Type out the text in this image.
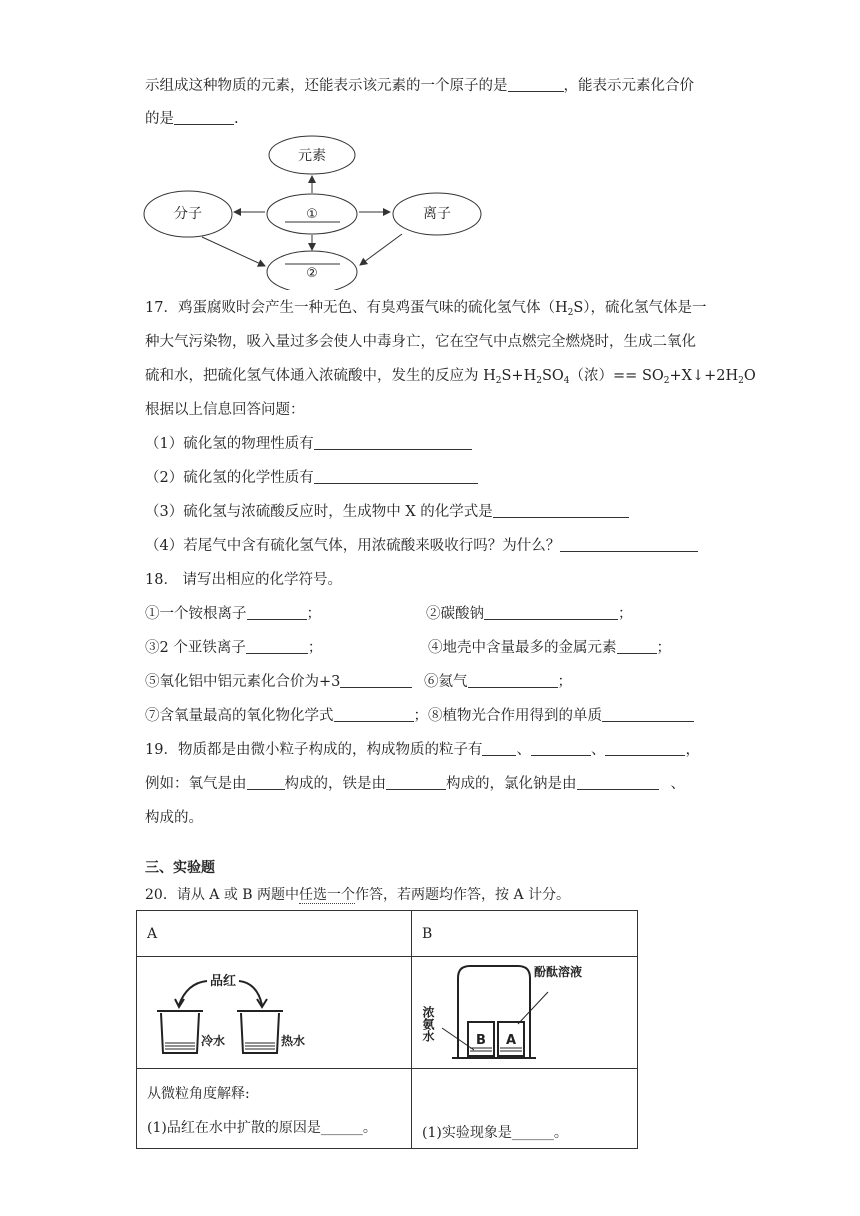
示组成这种物质的元素，还能表示该元素的一个原子的是	，能表示元素化合价
的是	.
元素
①
分子	离子
②
17．鸡蛋腐败时会产生一种无色、有臭鸡蛋气味的硫化氢气体$(H_2S)$，硫化氢气体是一
种大气污染物，吸入量过多会使人中毒身亡，它在空气中点燃完全燃烧时，生成二氧化
硫和水，把硫化氢气体通入浓硫酸中，发生的反应为 $H_2S+H_2SO_4$（浓）== $SO_2+X↓+2H_2O$
根据以上信息回答问题：
（1）硫化氢的物理性质有
（2）硫化氢的化学性质有
（3）硫化氢与浓硫酸反应时，生成物中 X 的化学式是
（4）若尾气中含有硫化氢气体，用浓硫酸来吸收行吗？为什么？
18． 请写出相应的化学符号。
①一个铵根离子	；	②碳酸钠	；
③2 个亚铁离子	；	④地壳中含量最多的金属元素	；
⑤氧化铝中铝元素化合价为+3	⑥氦气	；
⑦含氧量最高的氧化物化学式	； ⑧植物光合作用得到的单质
19．物质都是由微小粒子构成的，构成物质的粒子有 、	、	，
例如：氧气是由	构成的，铁是由	构成的，氯化钠是由	、
构成的。
三、实验题
20．请从 A 或 B 两题中任选一个作答，若两题均作答，按 A 计分。
A	B

品红
冷水 热水	B A
浓氨水
酚酞溶液

从微粒角度解释:
(1)品红在水中扩散的原因是______。	(1)实验现象是______。
